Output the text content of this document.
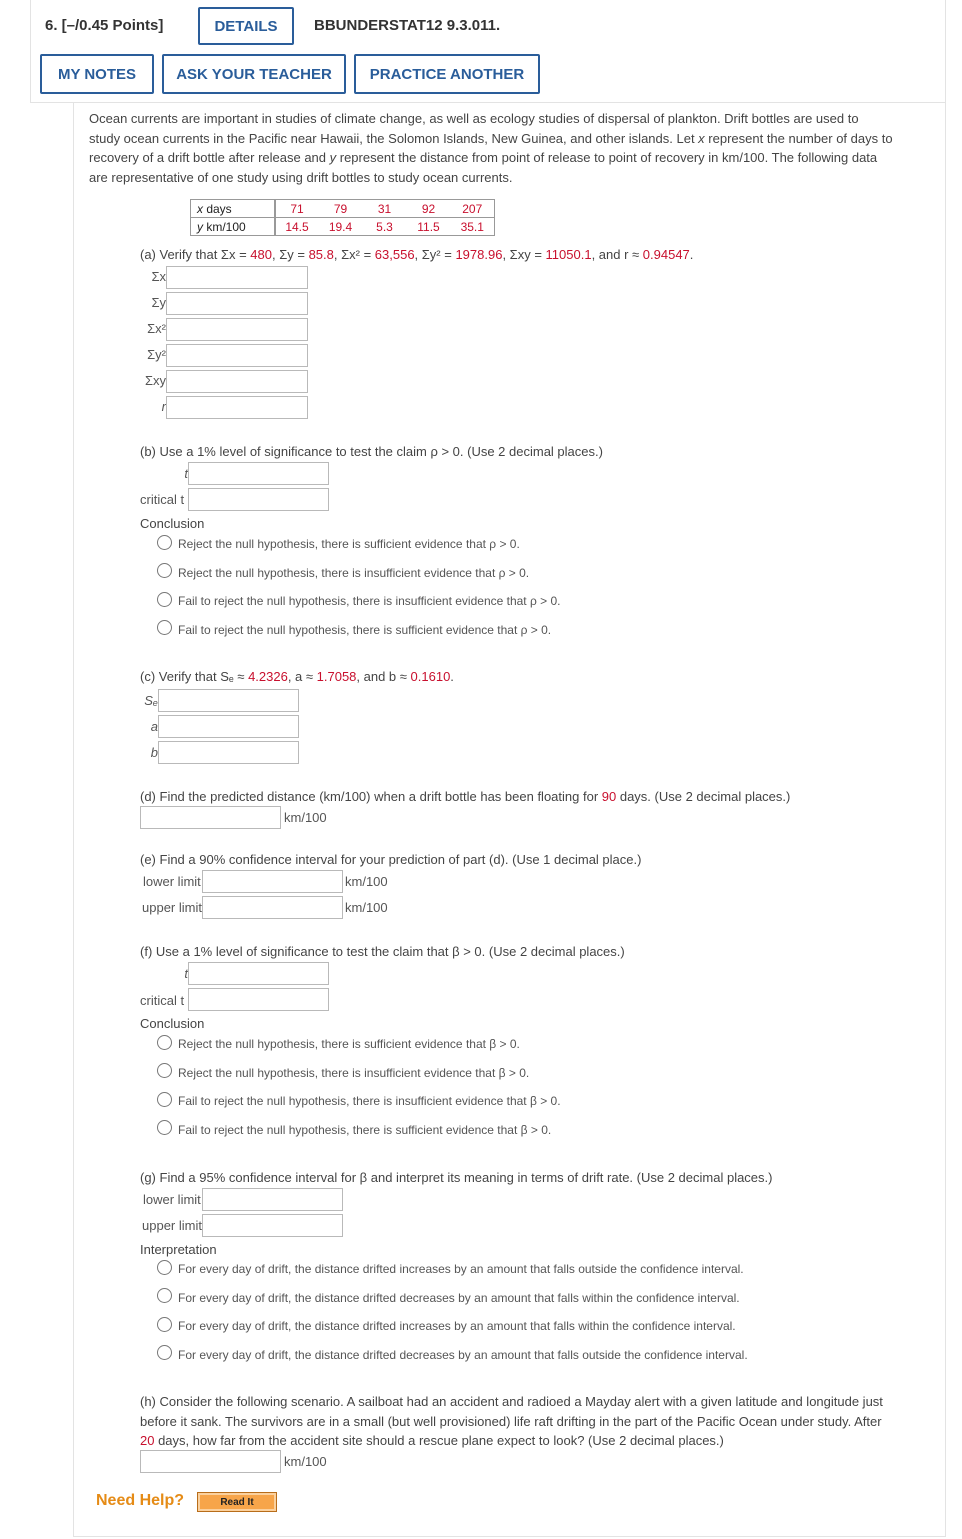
6. [–/0.45 Points]	DETAILS	BBUNDERSTAT12 9.3.011.
MY NOTES	ASK YOUR TEACHER	PRACTICE ANOTHER
Ocean currents are important in studies of climate change, as well as ecology studies of dispersal of plankton. Drift bottles are used to
study ocean currents in the Pacific near Hawaii, the Solomon Islands, New Guinea, and other islands. Let x represent the number of days to
recovery of a drift bottle after release and y represent the distance from point of release to point of recovery in km/100. The following data
are representative of one study using drift bottles to study ocean currents.
x days	71	79	31	92	207
y km/100	14.5	19.4	5.3	11.5	35.1
(a) Verify that Σx = 480, Σy = 85.8, Σx² = 63,556, Σy² = 1978.96, Σxy = 11050.1, and r ≈ 0.94547.
Σx
Σy
Σx²
Σy²
Σxy
r
(b) Use a 1% level of significance to test the claim ρ > 0. (Use 2 decimal places.)
t
critical t
Conclusion
Reject the null hypothesis, there is sufficient evidence that ρ > 0.
Reject the null hypothesis, there is insufficient evidence that ρ > 0.
Fail to reject the null hypothesis, there is insufficient evidence that ρ > 0.
Fail to reject the null hypothesis, there is sufficient evidence that ρ > 0.
(c) Verify that Sₑ ≈ 4.2326, a ≈ 1.7058, and b ≈ 0.1610.
Sₑ
a
b
(d) Find the predicted distance (km/100) when a drift bottle has been floating for 90 days. (Use 2 decimal places.)
km/100
(e) Find a 90% confidence interval for your prediction of part (d). (Use 1 decimal place.)
lower limit	km/100
upper limit	km/100
(f) Use a 1% level of significance to test the claim that β > 0. (Use 2 decimal places.)
t
critical t
Conclusion
Reject the null hypothesis, there is sufficient evidence that β > 0.
Reject the null hypothesis, there is insufficient evidence that β > 0.
Fail to reject the null hypothesis, there is insufficient evidence that β > 0.
Fail to reject the null hypothesis, there is sufficient evidence that β > 0.
(g) Find a 95% confidence interval for β and interpret its meaning in terms of drift rate. (Use 2 decimal places.)
lower limit
upper limit
Interpretation
For every day of drift, the distance drifted increases by an amount that falls outside the confidence interval.
For every day of drift, the distance drifted decreases by an amount that falls within the confidence interval.
For every day of drift, the distance drifted increases by an amount that falls within the confidence interval.
For every day of drift, the distance drifted decreases by an amount that falls outside the confidence interval.
(h) Consider the following scenario. A sailboat had an accident and radioed a Mayday alert with a given latitude and longitude just
before it sank. The survivors are in a small (but well provisioned) life raft drifting in the part of the Pacific Ocean under study. After
20 days, how far from the accident site should a rescue plane expect to look? (Use 2 decimal places.)
km/100
Need Help?	Read It
